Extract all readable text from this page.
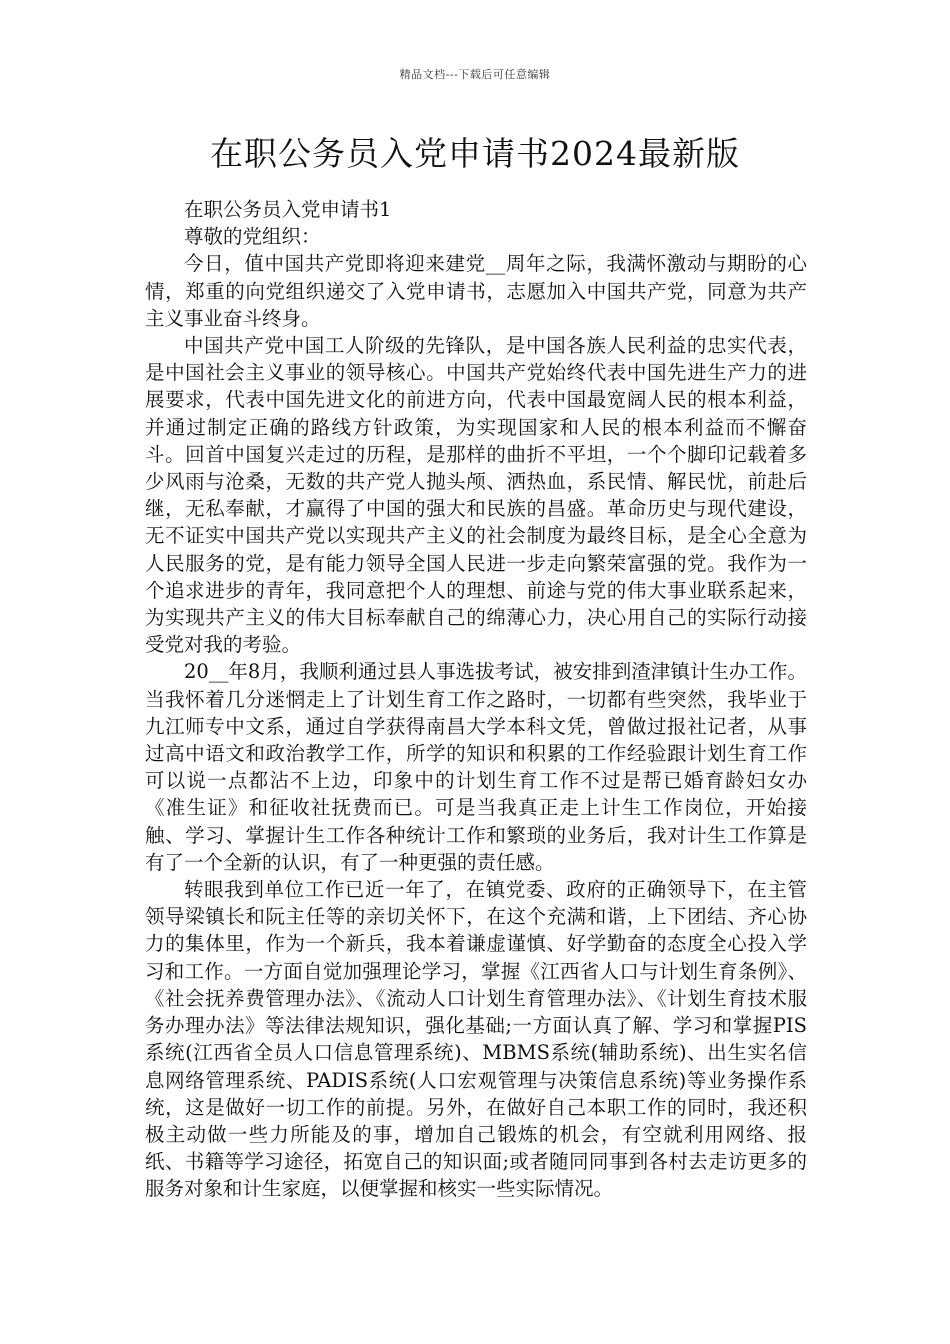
精品文档---下载后可任意编辑
在职公务员入党申请书2024最新版

在职公务员入党申请书1

尊敬的党组织：

今日，值中国共产党即将迎来建党__周年之际，我满怀激动与期盼的心情，郑重的向党组织递交了入党申请书，志愿加入中国共产党，同意为共产主义事业奋斗终身。

中国共产党中国工人阶级的先锋队，是中国各族人民利益的忠实代表，是中国社会主义事业的领导核心。中国共产党始终代表中国先进生产力的进展要求，代表中国先进文化的前进方向，代表中国最宽阔人民的根本利益，并通过制定正确的路线方针政策，为实现国家和人民的根本利益而不懈奋斗。回首中国复兴走过的历程，是那样的曲折不平坦，一个个脚印记载着多少风雨与沧桑，无数的共产党人抛头颅、洒热血，系民情、解民忧，前赴后继，无私奉献，才赢得了中国的强大和民族的昌盛。革命历史与现代建设，无不证实中国共产党以实现共产主义的社会制度为最终目标，是全心全意为人民服务的党，是有能力领导全国人民进一步走向繁荣富强的党。我作为一个追求进步的青年，我同意把个人的理想、前途与党的伟大事业联系起来，为实现共产主义的伟大目标奉献自己的绵薄心力，决心用自己的实际行动接受党对我的考验。

20__年8月，我顺利通过县人事选拔考试，被安排到渣津镇计生办工作。当我怀着几分迷惘走上了计划生育工作之路时，一切都有些突然，我毕业于九江师专中文系，通过自学获得南昌大学本科文凭，曾做过报社记者，从事过高中语文和政治教学工作，所学的知识和积累的工作经验跟计划生育工作可以说一点都沾不上边，印象中的计划生育工作不过是帮已婚育龄妇女办《准生证》和征收社抚费而已。可是当我真正走上计生工作岗位，开始接触、学习、掌握计生工作各种统计工作和繁琐的业务后，我对计生工作算是有了一个全新的认识，有了一种更强的责任感。

转眼我到单位工作已近一年了，在镇党委、政府的正确领导下，在主管领导梁镇长和阮主任等的亲切关怀下，在这个充满和谐，上下团结、齐心协力的集体里，作为一个新兵，我本着谦虚谨慎、好学勤奋的态度全心投入学习和工作。一方面自觉加强理论学习，掌握《江西省人口与计划生育条例》、《社会抚养费管理办法》、《流动人口计划生育管理办法》、《计划生育技术服务办理办法》等法律法规知识，强化基础;一方面认真了解、学习和掌握PIS系统(江西省全员人口信息管理系统)、MBMS系统(辅助系统)、出生实名信息网络管理系统、PADIS系统(人口宏观管理与决策信息系统)等业务操作系统，这是做好一切工作的前提。另外，在做好自己本职工作的同时，我还积极主动做一些力所能及的事，增加自己锻炼的机会，有空就利用网络、报纸、书籍等学习途径，拓宽自己的知识面;或者随同同事到各村去走访更多的服务对象和计生家庭，以便掌握和核实一些实际情况。
